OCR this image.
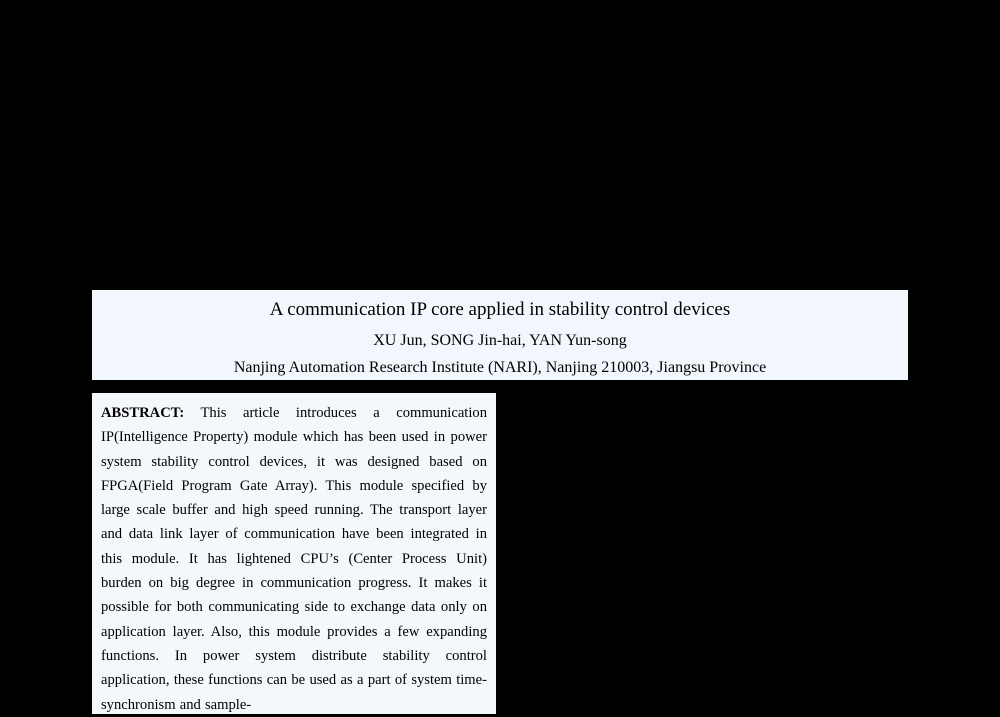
A communication IP core applied in stability control devices
XU Jun, SONG Jin-hai, YAN Yun-song
Nanjing Automation Research Institute (NARI), Nanjing 210003, Jiangsu Province

ABSTRACT: This article introduces a communication IP(Intelligence Property) module which has been used in power system stability control devices, it was designed based on FPGA(Field Program Gate Array). This module specified by large scale buffer and high speed running. The transport layer and data link layer of communication have been integrated in this module. It has lightened CPU’s (Center Process Unit) burden on big degree in communication progress. It makes it possible for both communicating side to exchange data only on application layer. Also, this module provides a few expanding functions. In power system distribute stability control application, these functions can be used as a part of system time-synchronism and sample-
